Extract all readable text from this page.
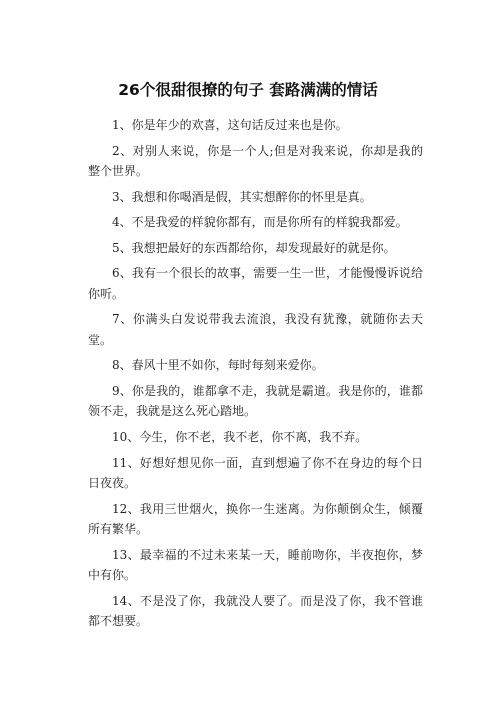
26个很甜很撩的句子 套路满满的情话

1、你是年少的欢喜，这句话反过来也是你。

2、对别人来说，你是一个人;但是对我来说，你却是我的整个世界。

3、我想和你喝酒是假，其实想醉你的怀里是真。

4、不是我爱的样貌你都有，而是你所有的样貌我都爱。

5、我想把最好的东西都给你，却发现最好的就是你。

6、我有一个很长的故事，需要一生一世，才能慢慢诉说给你听。

7、你满头白发说带我去流浪，我没有犹豫，就随你去天堂。

8、春风十里不如你，每时每刻来爱你。

9、你是我的，谁都拿不走，我就是霸道。我是你的，谁都领不走，我就是这么死心踏地。

10、今生，你不老，我不老，你不离，我不弃。

11、好想好想见你一面，直到想遍了你不在身边的每个日日夜夜。

12、我用三世烟火，换你一生迷离。为你颠倒众生，倾覆所有繁华。

13、最幸福的不过未来某一天，睡前吻你，半夜抱你，梦中有你。

14、不是没了你，我就没人要了。而是没了你，我不管谁都不想要。
